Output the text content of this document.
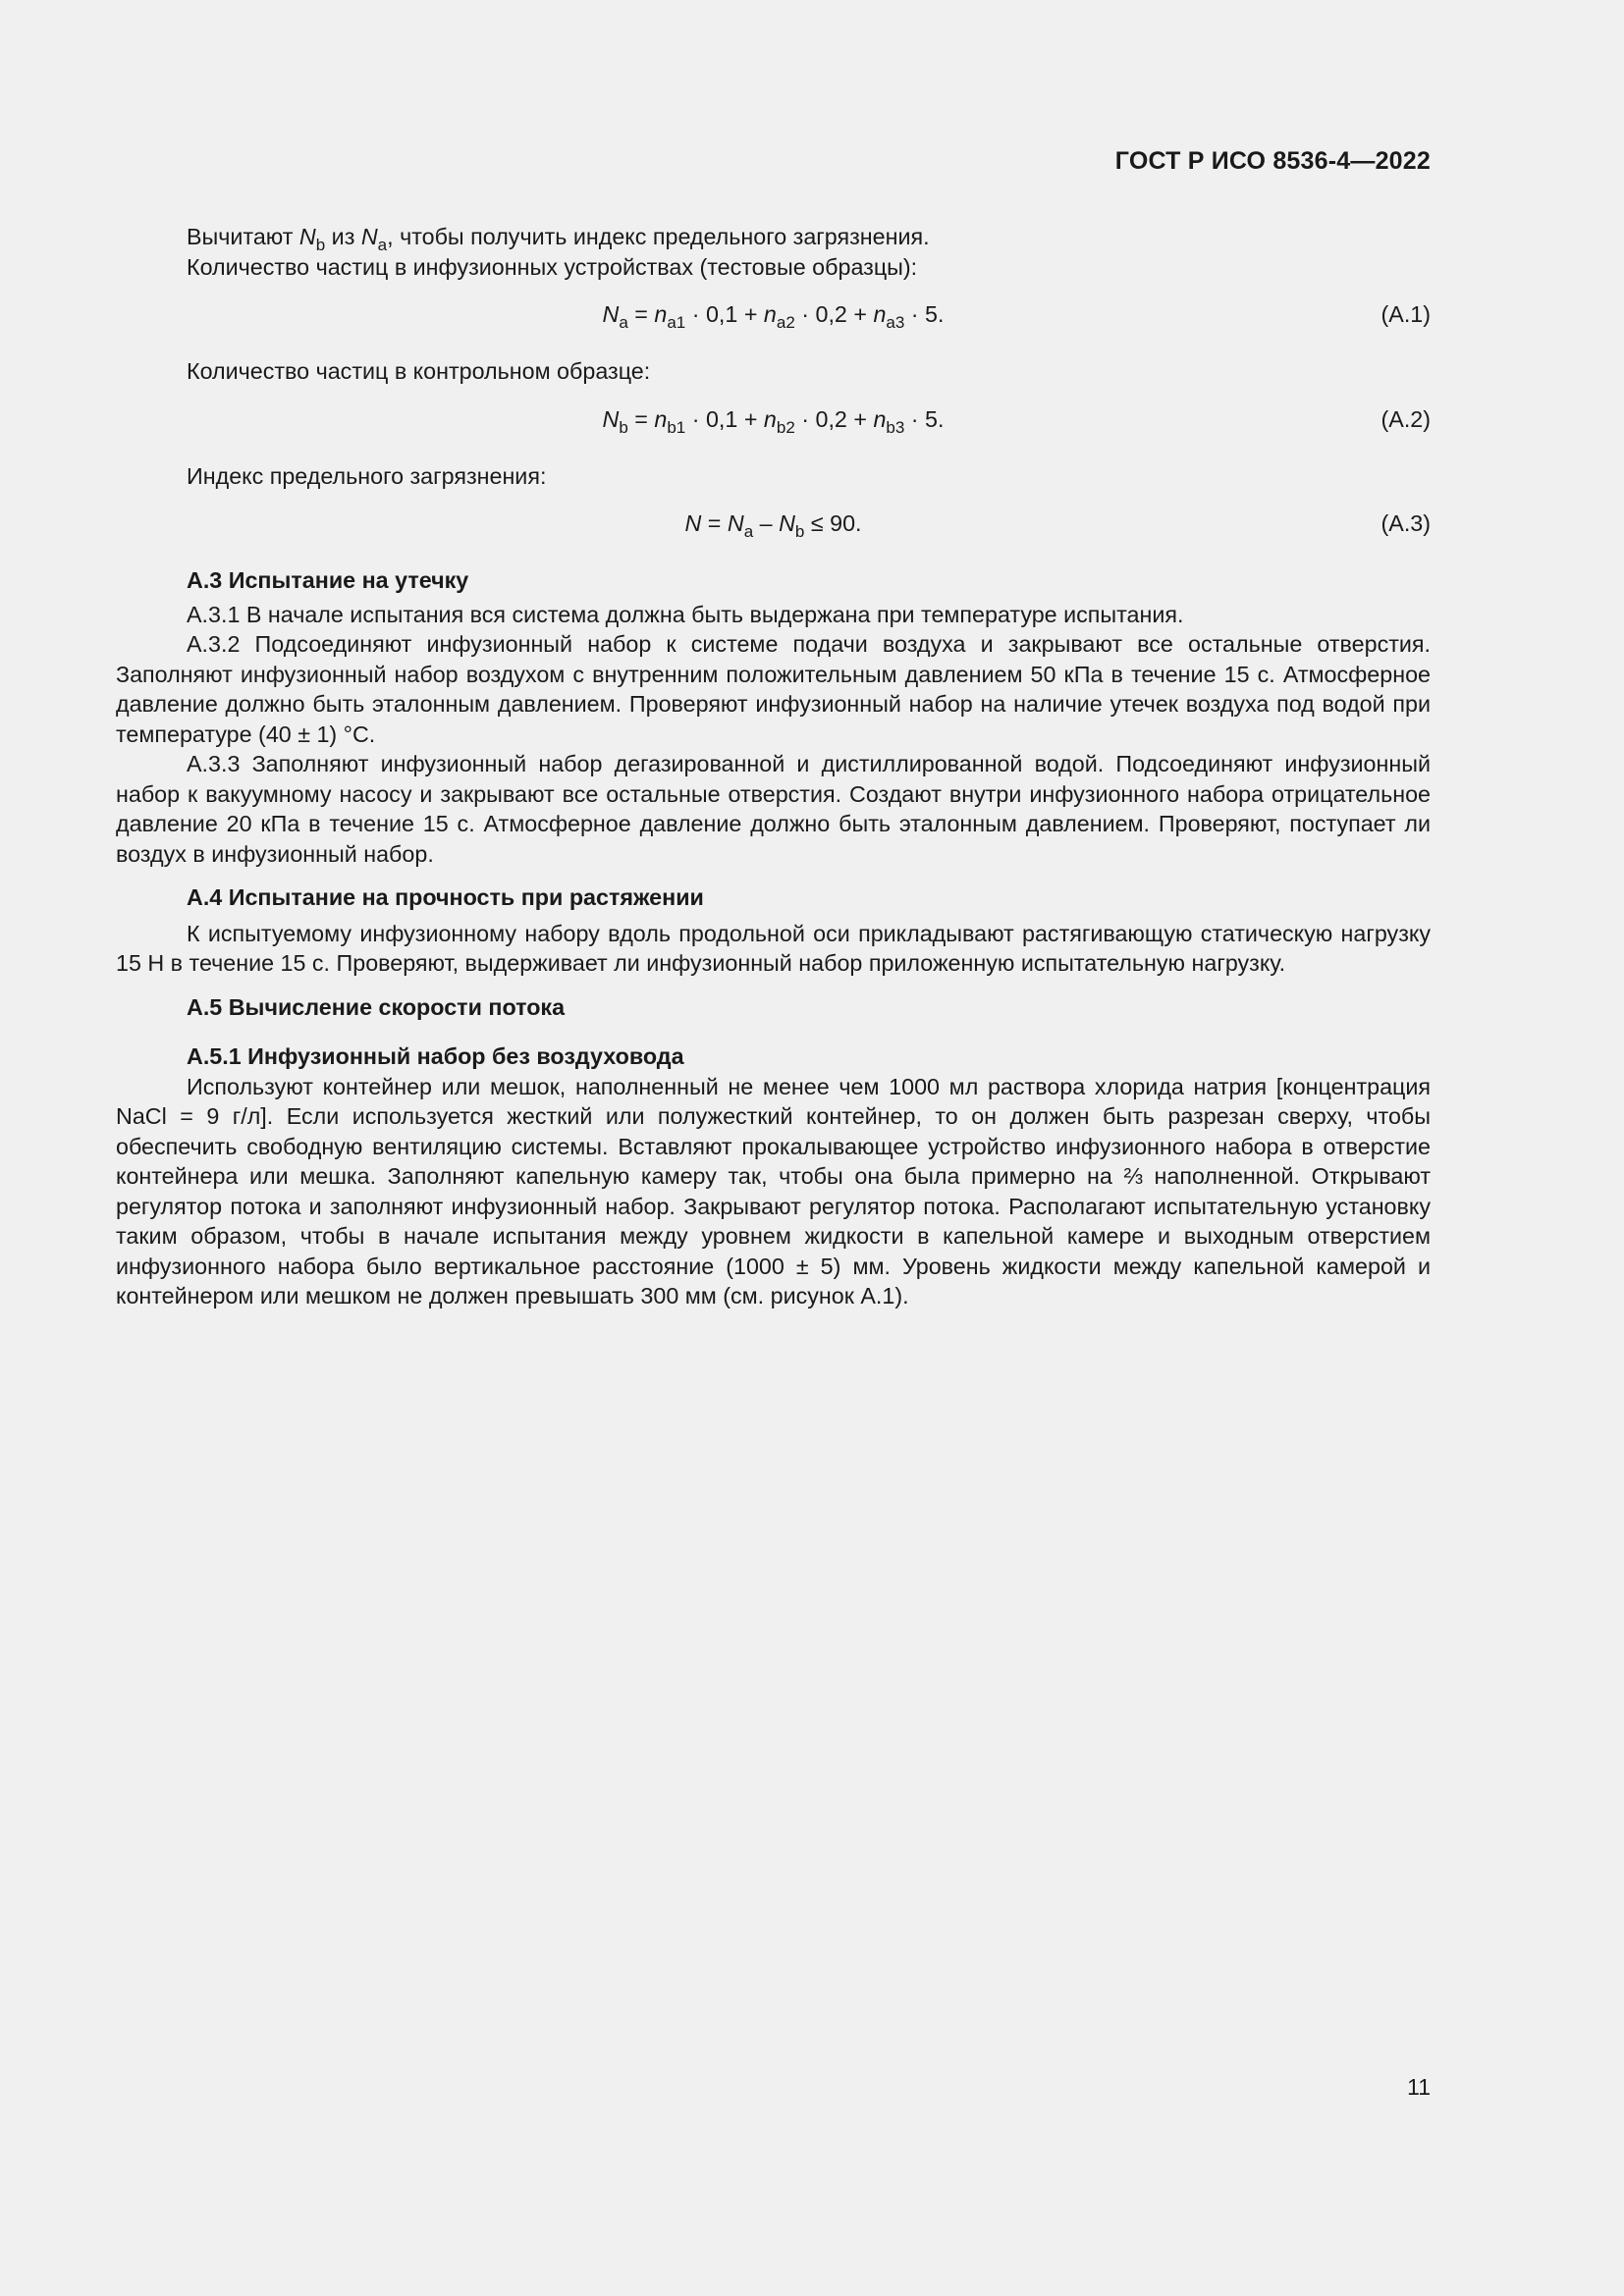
ГОСТ Р ИСО 8536-4—2022

Вычитают $N_b$ из $N_a$, чтобы получить индекс предельного загрязнения.

Количество частиц в инфузионных устройствах (тестовые образцы):

$N_a = n_{a1} \cdot 0,1 + n_{a2} \cdot 0,2 + n_{a3} \cdot 5$.	(A.1)

Количество частиц в контрольном образце:

$N_b = n_{b1} \cdot 0,1 + n_{b2} \cdot 0,2 + n_{b3} \cdot 5$.	(A.2)

Индекс предельного загрязнения:

$N = N_a - N_b \le 90$.	(A.3)

А.3 Испытание на утечку

А.3.1 В начале испытания вся система должна быть выдержана при температуре испытания.

А.3.2 Подсоединяют инфузионный набор к системе подачи воздуха и закрывают все остальные отверстия. Заполняют инфузионный набор воздухом с внутренним положительным давлением 50 кПа в течение 15 с. Атмосферное давление должно быть эталонным давлением. Проверяют инфузионный набор на наличие утечек воздуха под водой при температуре (40 ± 1) °С.

А.3.3 Заполняют инфузионный набор дегазированной и дистиллированной водой. Подсоединяют инфузионный набор к вакуумному насосу и закрывают все остальные отверстия. Создают внутри инфузионного набора отрицательное давление 20 кПа в течение 15 с. Атмосферное давление должно быть эталонным давлением. Проверяют, поступает ли воздух в инфузионный набор.

А.4 Испытание на прочность при растяжении

К испытуемому инфузионному набору вдоль продольной оси прикладывают растягивающую статическую нагрузку 15 Н в течение 15 с. Проверяют, выдерживает ли инфузионный набор приложенную испытательную нагрузку.

А.5 Вычисление скорости потока

А.5.1 Инфузионный набор без воздуховода

Используют контейнер или мешок, наполненный не менее чем 1000 мл раствора хлорида натрия [концентрация NaCl = 9 г/л]. Если используется жесткий или полужесткий контейнер, то он должен быть разрезан сверху, чтобы обеспечить свободную вентиляцию системы. Вставляют прокалывающее устройство инфузионного набора в отверстие контейнера или мешка. Заполняют капельную камеру так, чтобы она была примерно на ⅔ наполненной. Открывают регулятор потока и заполняют инфузионный набор. Закрывают регулятор потока. Располагают испытательную установку таким образом, чтобы в начале испытания между уровнем жидкости в капельной камере и выходным отверстием инфузионного набора было вертикальное расстояние (1000 ± 5) мм. Уровень жидкости между капельной камерой и контейнером или мешком не должен превышать 300 мм (см. рисунок А.1).

11
